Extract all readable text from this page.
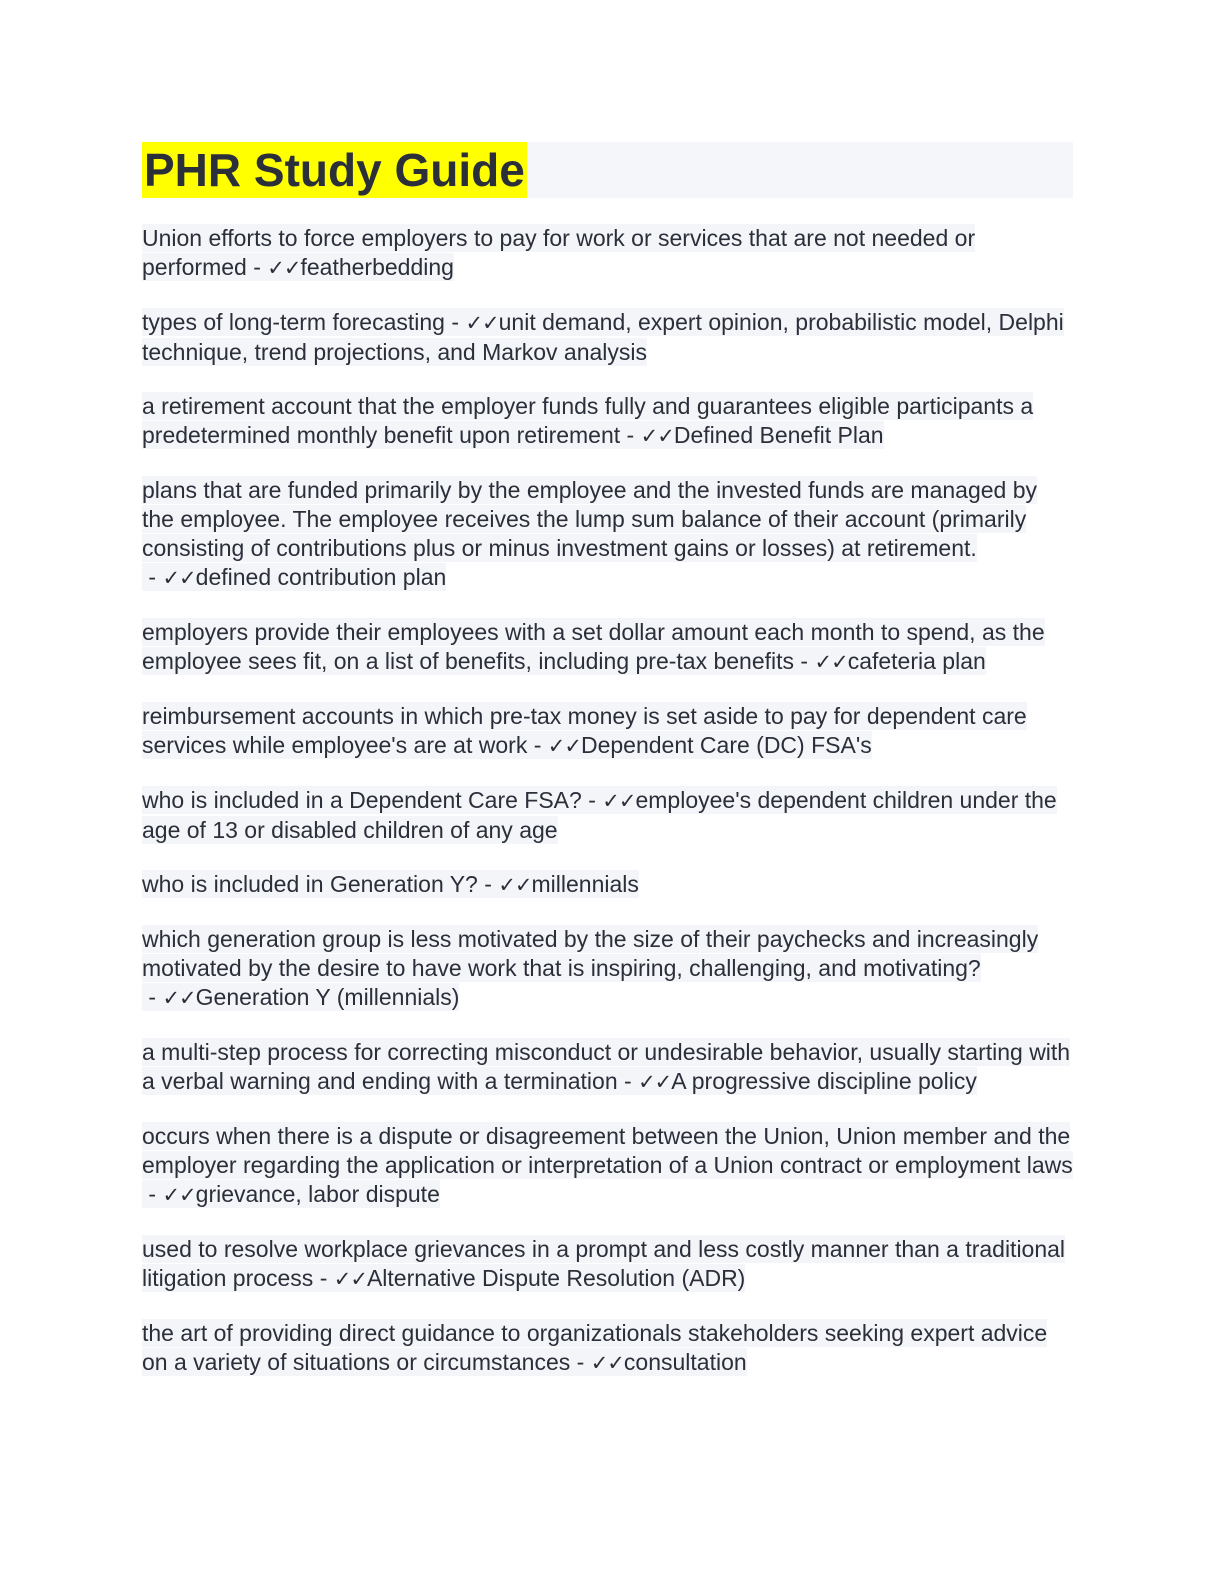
PHR Study Guide

Union efforts to force employers to pay for work or services that are not needed or performed - ✓✓featherbedding

types of long-term forecasting - ✓✓unit demand, expert opinion, probabilistic model, Delphi technique, trend projections, and Markov analysis

a retirement account that the employer funds fully and guarantees eligible participants a predetermined monthly benefit upon retirement - ✓✓Defined Benefit Plan

plans that are funded primarily by the employee and the invested funds are managed by the employee. The employee receives the lump sum balance of their account (primarily consisting of contributions plus or minus investment gains or losses) at retirement. - ✓✓defined contribution plan

employers provide their employees with a set dollar amount each month to spend, as the employee sees fit, on a list of benefits, including pre-tax benefits - ✓✓cafeteria plan

reimbursement accounts in which pre-tax money is set aside to pay for dependent care services while employee's are at work - ✓✓Dependent Care (DC) FSA's

who is included in a Dependent Care FSA? - ✓✓employee's dependent children under the age of 13 or disabled children of any age

who is included in Generation Y? - ✓✓millennials

which generation group is less motivated by the size of their paychecks and increasingly motivated by the desire to have work that is inspiring, challenging, and motivating? - ✓✓Generation Y (millennials)

a multi-step process for correcting misconduct or undesirable behavior, usually starting with a verbal warning and ending with a termination - ✓✓A progressive discipline policy

occurs when there is a dispute or disagreement between the Union, Union member and the employer regarding the application or interpretation of a Union contract or employment laws - ✓✓grievance, labor dispute

used to resolve workplace grievances in a prompt and less costly manner than a traditional litigation process - ✓✓Alternative Dispute Resolution (ADR)

the art of providing direct guidance to organizationals stakeholders seeking expert advice on a variety of situations or circumstances - ✓✓consultation
